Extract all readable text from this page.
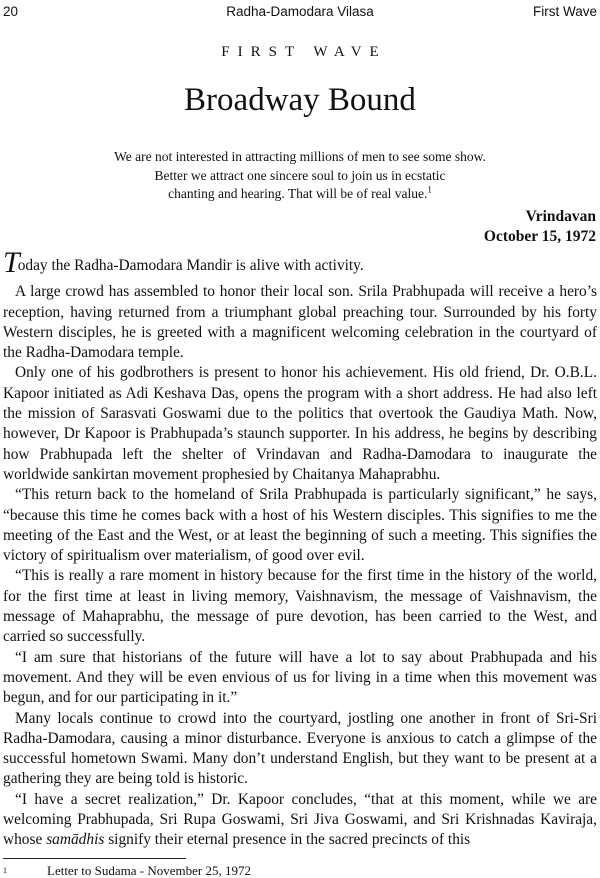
20	Radha-Damodara Vilasa	First Wave
FIRST WAVE
Broadway Bound
We are not interested in attracting millions of men to see some show.
Better we attract one sincere soul to join us in ecstatic
chanting and hearing. That will be of real value.$^1$
Vrindavan
October 15, 1972

Today the Radha-Damodara Mandir is alive with activity.

A large crowd has assembled to honor their local son. Srila Prabhupada will receive a hero’s reception, having returned from a triumphant global preaching tour. Surrounded by his forty Western disciples, he is greeted with a magnificent welcoming celebration in the courtyard of the Radha-Damodara temple.

Only one of his godbrothers is present to honor his achievement. His old friend, Dr. O.B.L. Kapoor initiated as Adi Keshava Das, opens the program with a short address. He had also left the mission of Sarasvati Goswami due to the politics that overtook the Gaudiya Math. Now, however, Dr Kapoor is Prabhupada’s staunch supporter. In his address, he begins by describing how Prabhupada left the shelter of Vrindavan and Radha-Damodara to inaugurate the worldwide sankirtan movement prophesied by Chaitanya Mahaprabhu.

“This return back to the homeland of Srila Prabhupada is particularly significant,” he says, “because this time he comes back with a host of his Western disciples. This signifies to me the meeting of the East and the West, or at least the beginning of such a meeting. This signifies the victory of spiritualism over materialism, of good over evil.

“This is really a rare moment in history because for the first time in the history of the world, for the first time at least in living memory, Vaishnavism, the message of Vaishnavism, the message of Mahaprabhu, the message of pure devotion, has been carried to the West, and carried so successfully.

“I am sure that historians of the future will have a lot to say about Prabhupada and his movement. And they will be even envious of us for living in a time when this movement was begun, and for our participating in it.”

Many locals continue to crowd into the courtyard, jostling one another in front of Sri-Sri Radha-Damodara, causing a minor disturbance. Everyone is anxious to catch a glimpse of the successful hometown Swami. Many don’t understand English, but they want to be present at a gathering they are being told is historic.

“I have a secret realization,” Dr. Kapoor concludes, “that at this moment, while we are welcoming Prabhupada, Sri Rupa Goswami, Sri Jiva Goswami, and Sri Krishnadas Kaviraja, whose samādhis signify their eternal presence in the sacred precincts of this

1	Letter to Sudama - November 25, 1972
